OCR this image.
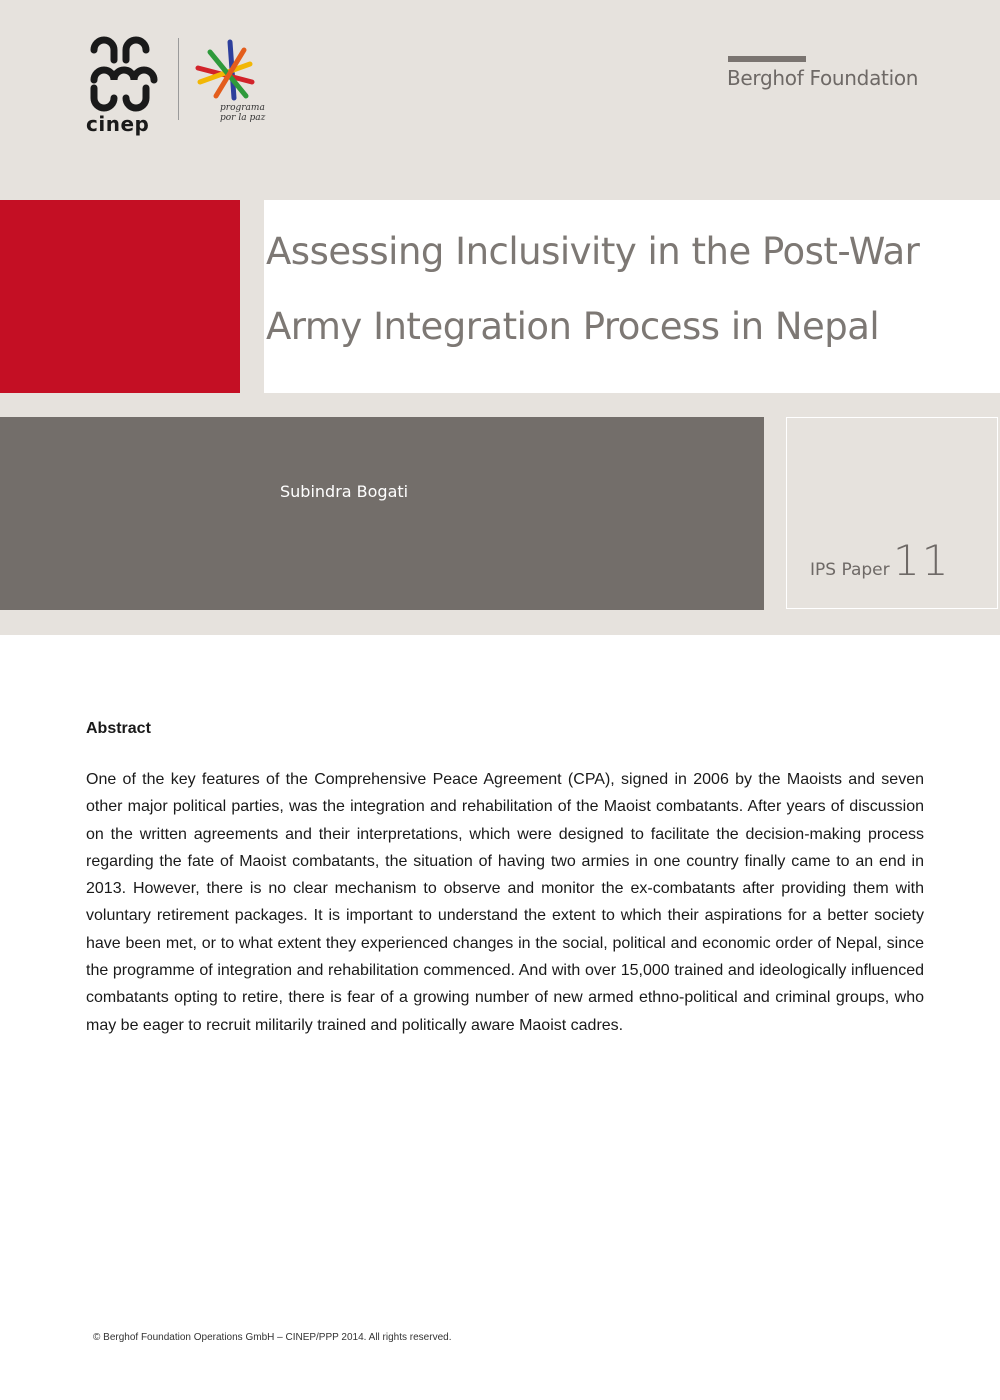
cinep
programa
por la paz
Berghof Foundation
Assessing Inclusivity in the Post-War
Army Integration Process in Nepal
Subindra Bogati
IPS Paper 11
Abstract

One of the key features of the Comprehensive Peace Agreement (CPA), signed in 2006 by the Maoists and seven other major political parties, was the integration and rehabilitation of the Maoist combatants. After years of discussion on the written agreements and their interpretations, which were designed to facilitate the decision-making process regarding the fate of Maoist combatants, the situation of having two armies in one country finally came to an end in 2013. However, there is no clear mechanism to observe and monitor the ex-combatants after providing them with voluntary retirement packages. It is important to understand the extent to which their aspirations for a better society have been met, or to what extent they experienced changes in the social, political and economic order of Nepal, since the programme of integration and rehabilitation commenced. And with over 15,000 trained and ideologically influenced combatants opting to retire, there is fear of a growing number of new armed ethno-political and criminal groups, who may be eager to recruit militarily trained and politically aware Maoist cadres.

© Berghof Foundation Operations GmbH – CINEP/PPP 2014. All rights reserved.
